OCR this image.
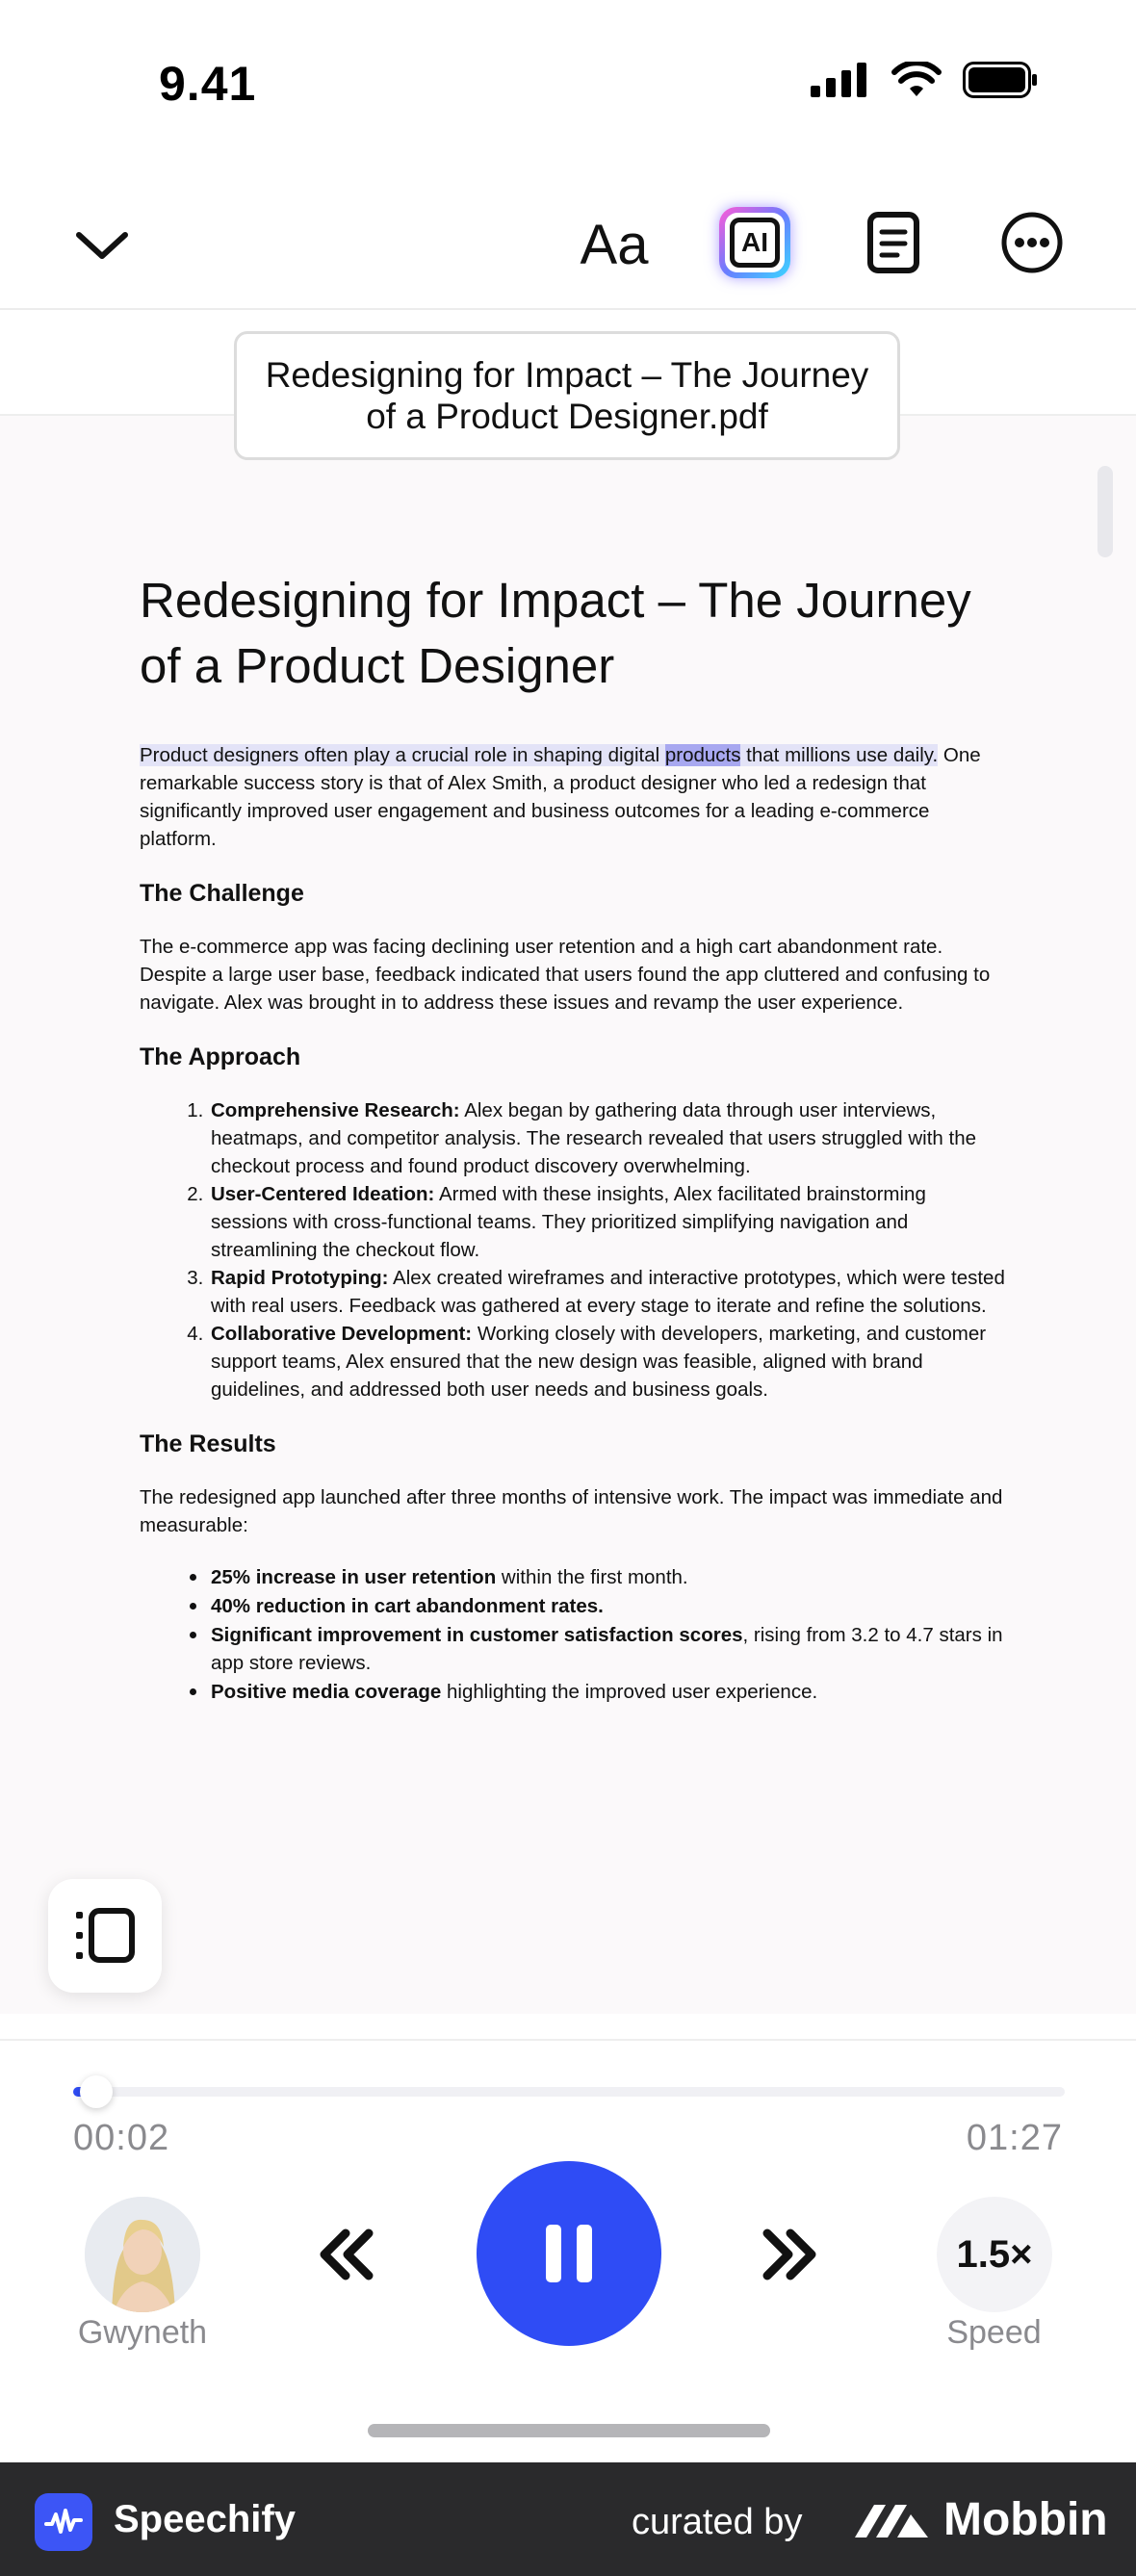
9.41
Aa	AI
Redesigning for Impact – The Journey of a Product Designer.pdf
Redesigning for Impact – The Journey of a Product Designer

Product designers often play a crucial role in shaping digital products that millions use daily. One remarkable success story is that of Alex Smith, a product designer who led a redesign that significantly improved user engagement and business outcomes for a leading e-commerce platform.

The Challenge

The e-commerce app was facing declining user retention and a high cart abandonment rate. Despite a large user base, feedback indicated that users found the app cluttered and confusing to navigate. Alex was brought in to address these issues and revamp the user experience.

The Approach
1. Comprehensive Research: Alex began by gathering data through user interviews, heatmaps, and competitor analysis. The research revealed that users struggled with the checkout process and found product discovery overwhelming.
2. User-Centered Ideation: Armed with these insights, Alex facilitated brainstorming sessions with cross-functional teams. They prioritized simplifying navigation and streamlining the checkout flow.
3. Rapid Prototyping: Alex created wireframes and interactive prototypes, which were tested with real users. Feedback was gathered at every stage to iterate and refine the solutions.
4. Collaborative Development: Working closely with developers, marketing, and customer support teams, Alex ensured that the new design was feasible, aligned with brand guidelines, and addressed both user needs and business goals.
The Results

The redesigned app launched after three months of intensive work. The impact was immediate and measurable:

• 25% increase in user retention within the first month.
• 40% reduction in cart abandonment rates.
• Significant improvement in customer satisfaction scores, rising from 3.2 to 4.7 stars in app store reviews.
• Positive media coverage highlighting the improved user experience.
00:02	01:27
Gwyneth
1.5×
Speed
Speechify	curated by	Mobbin
